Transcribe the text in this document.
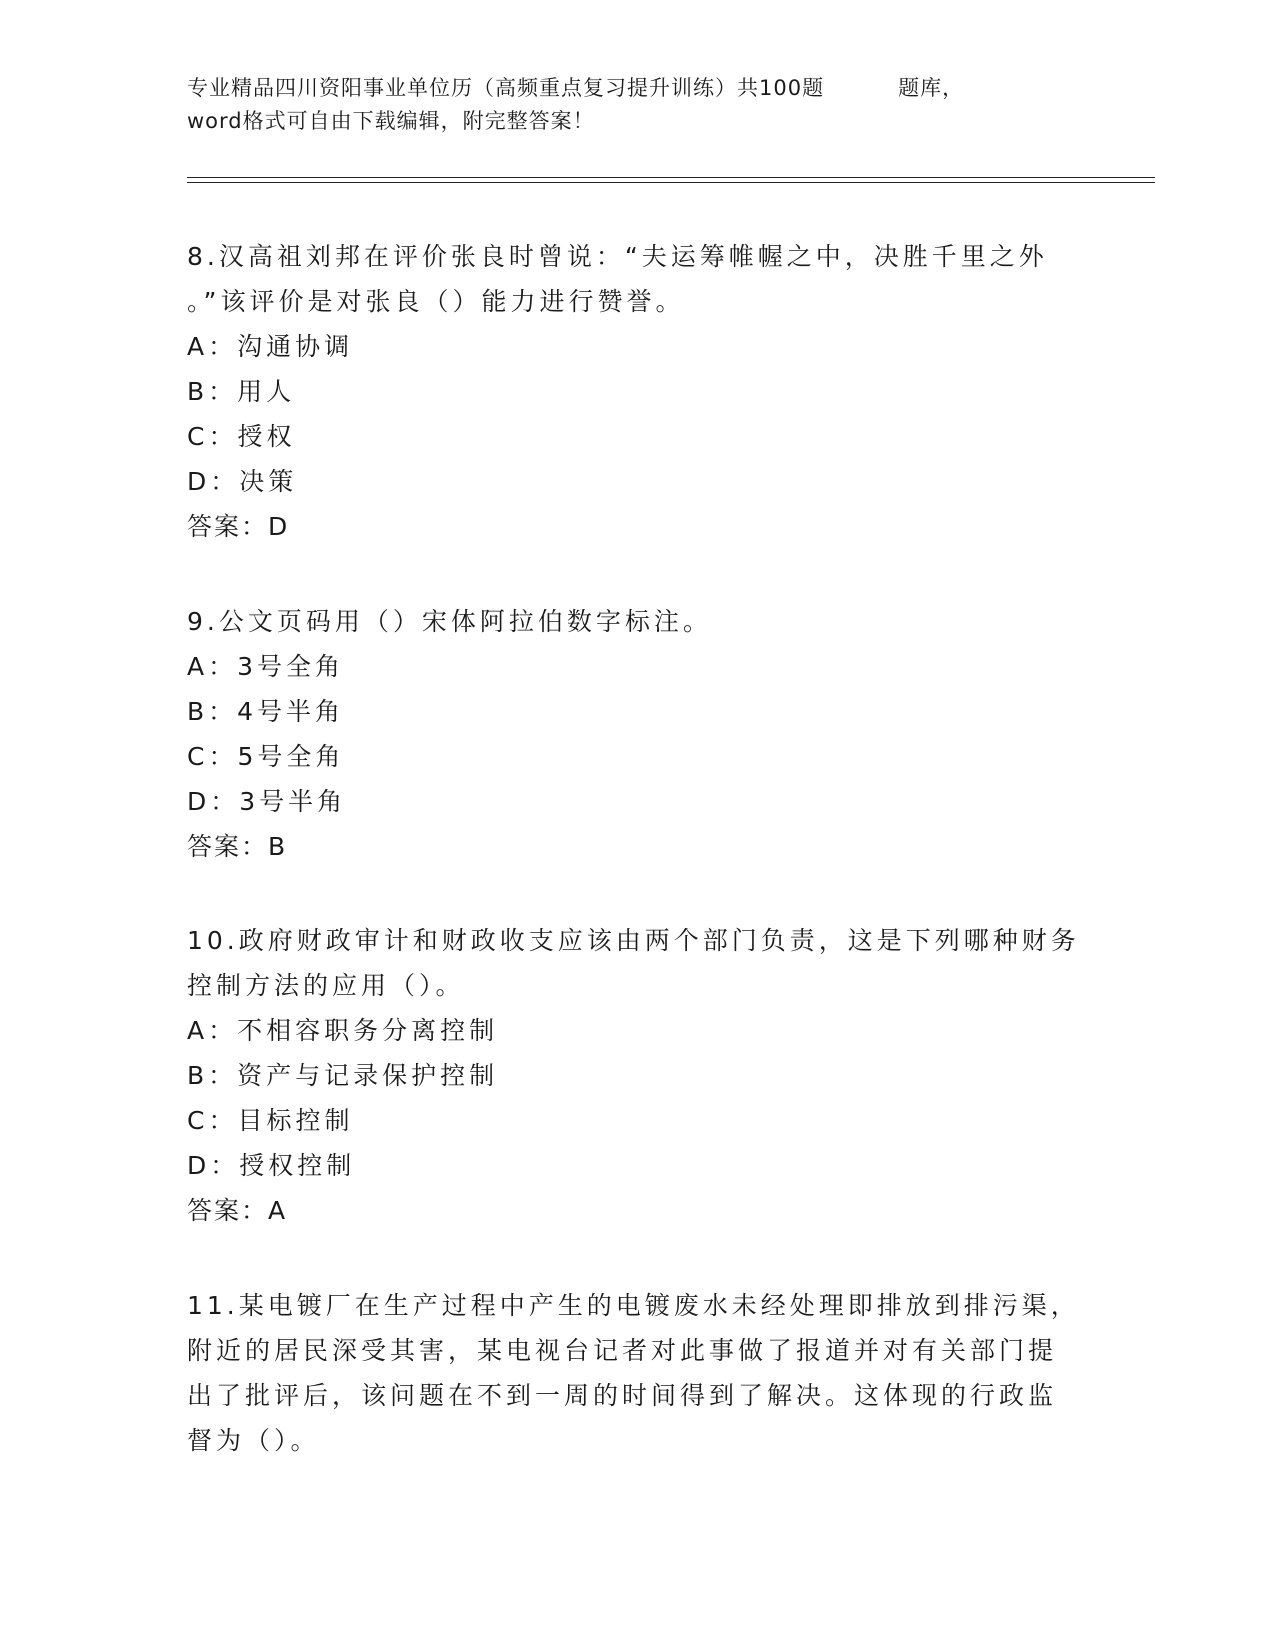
专业精品四川资阳事业单位历（高频重点复习提升训练）共100题	题库，
word格式可自由下载编辑，附完整答案！
8.汉高祖刘邦在评价张良时曾说：“夫运筹帷幄之中，决胜千里之外
。”该评价是对张良（）能力进行赞誉。
A：沟通协调
B：用人
C：授权
D：决策
答案：D
9.公文页码用（）宋体阿拉伯数字标注。
A：3号全角
B：4号半角
C：5号全角
D：3号半角
答案：B
10.政府财政审计和财政收支应该由两个部门负责，这是下列哪种财务
控制方法的应用（）。
A：不相容职务分离控制
B：资产与记录保护控制
C：目标控制
D：授权控制
答案：A
11.某电镀厂在生产过程中产生的电镀废水未经处理即排放到排污渠，
附近的居民深受其害，某电视台记者对此事做了报道并对有关部门提
出了批评后，该问题在不到一周的时间得到了解决。这体现的行政监
督为（）。
